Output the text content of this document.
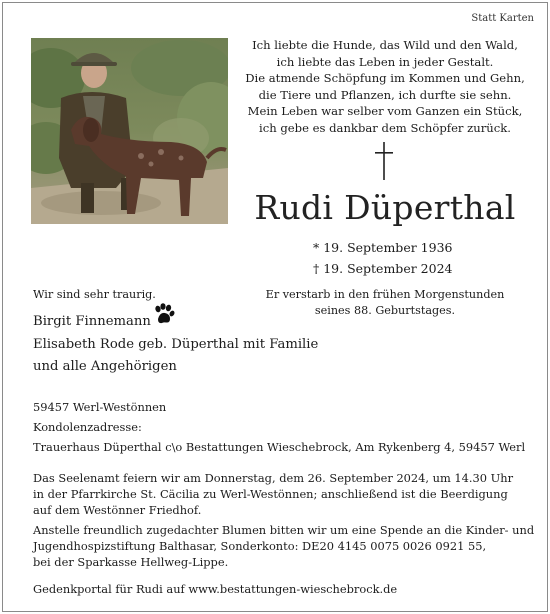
Statt Karten
Ich liebte die Hunde, das Wild und den Wald,
ich liebte das Leben in jeder Gestalt.
Die atmende Schöpfung im Kommen und Gehn,
die Tiere und Pflanzen, ich durfte sie sehn.
Mein Leben war selber vom Ganzen ein Stück,
ich gebe es dankbar dem Schöpfer zurück.
Rudi Düperthal
* 19. September 1936
† 19. September 2024
Wir sind sehr traurig.
Birgit Finnemann
Elisabeth Rode geb. Düperthal mit Familie
und alle Angehörigen
Er verstarb in den frühen Morgenstunden
seines 88. Geburtstages.
59457 Werl-Westönnen
Kondolenzadresse:
Trauerhaus Düperthal c\o Bestattungen Wieschebrock, Am Rykenberg 4, 59457 Werl
Das Seelenamt feiern wir am Donnerstag, dem 26. September 2024, um 14.30 Uhr
in der Pfarrkirche St. Cäcilia zu Werl-Westönnen; anschließend ist die Beerdigung
auf dem Westönner Friedhof.
Anstelle freundlich zugedachter Blumen bitten wir um eine Spende an die Kinder- und
Jugendhospizstiftung Balthasar, Sonderkonto: DE20 4145 0075 0026 0921 55,
bei der Sparkasse Hellweg-Lippe.
Gedenkportal für Rudi auf www.bestattungen-wieschebrock.de
